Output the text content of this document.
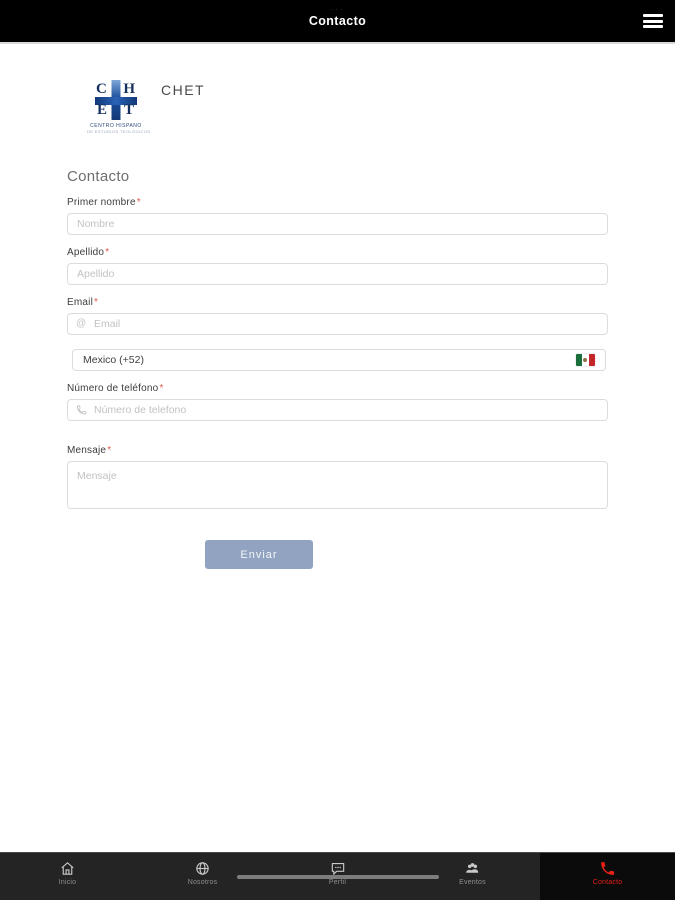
···
Contacto
C H
E T
CENTRO HISPANO
DE ESTUDIOS TEOLÓGICOS
CHET
Contacto
Primer nombre*
Nombre
Apellido*
Apellido
Email*
@
Email
Mexico (+52)
Número de teléfono*
Número de telefono
Mensaje*
Mensaje
Enviar
Inicio	Nosotros	Perfil	Eventos	Contacto
